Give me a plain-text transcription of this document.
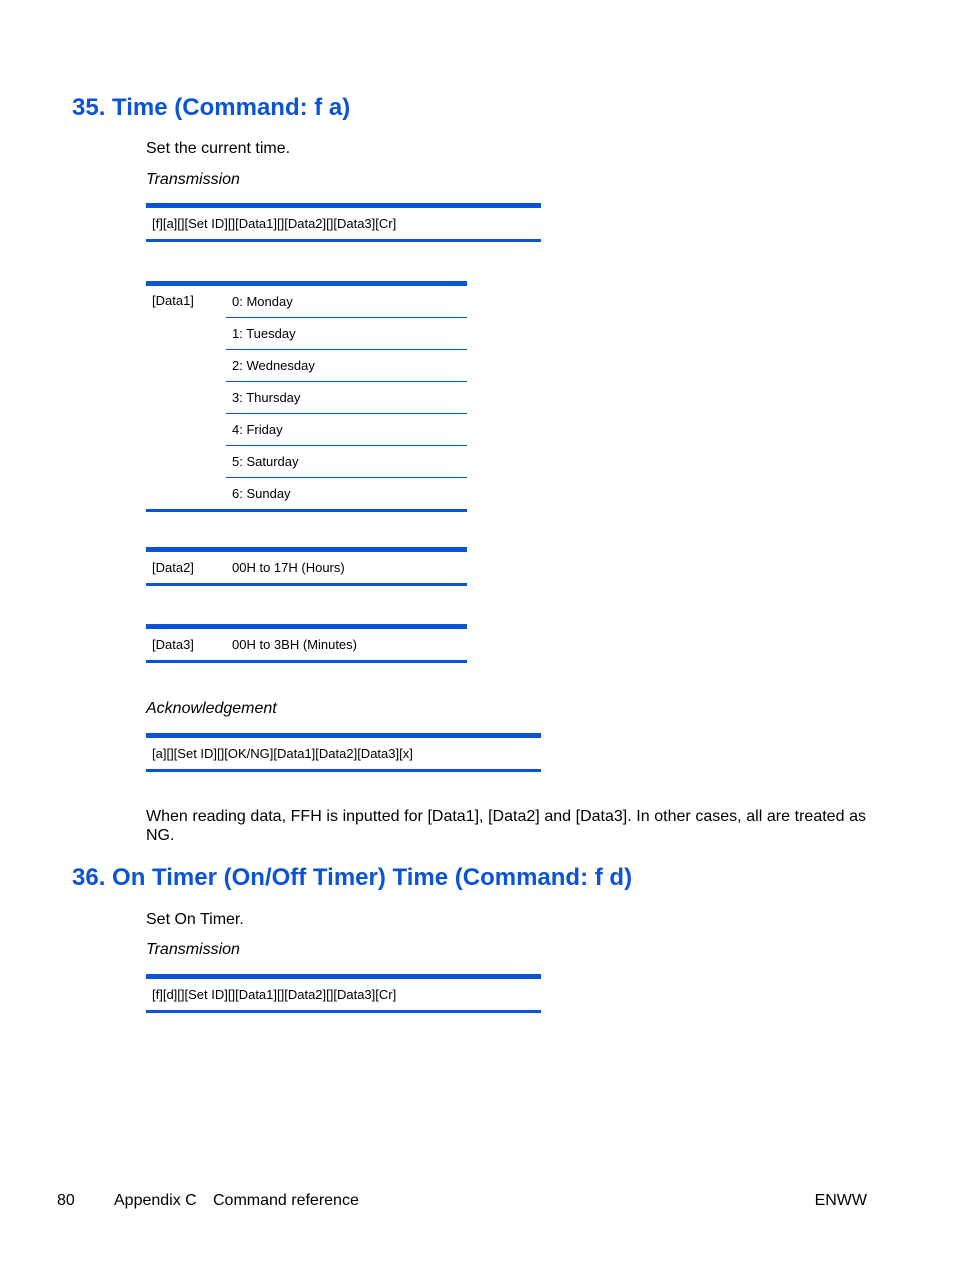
35. Time (Command: f a)

Set the current time.

Transmission
[f][a][][Set ID][][Data1][][Data2][][Data3][Cr]
[Data1]	0: Monday
1: Tuesday
2: Wednesday
3: Thursday
4: Friday
5: Saturday
6: Sunday
[Data2]	00H to 17H (Hours)
[Data3]	00H to 3BH (Minutes)
Acknowledgement
[a][][Set ID][][OK/NG][Data1][Data2][Data3][x]

When reading data, FFH is inputted for [Data1], [Data2] and [Data3]. In other cases, all are treated as NG.

36. On Timer (On/Off Timer) Time (Command: f d)

Set On Timer.

Transmission
[f][d][][Set ID][][Data1][][Data2][][Data3][Cr]
80 Appendix C Command reference	ENWW
